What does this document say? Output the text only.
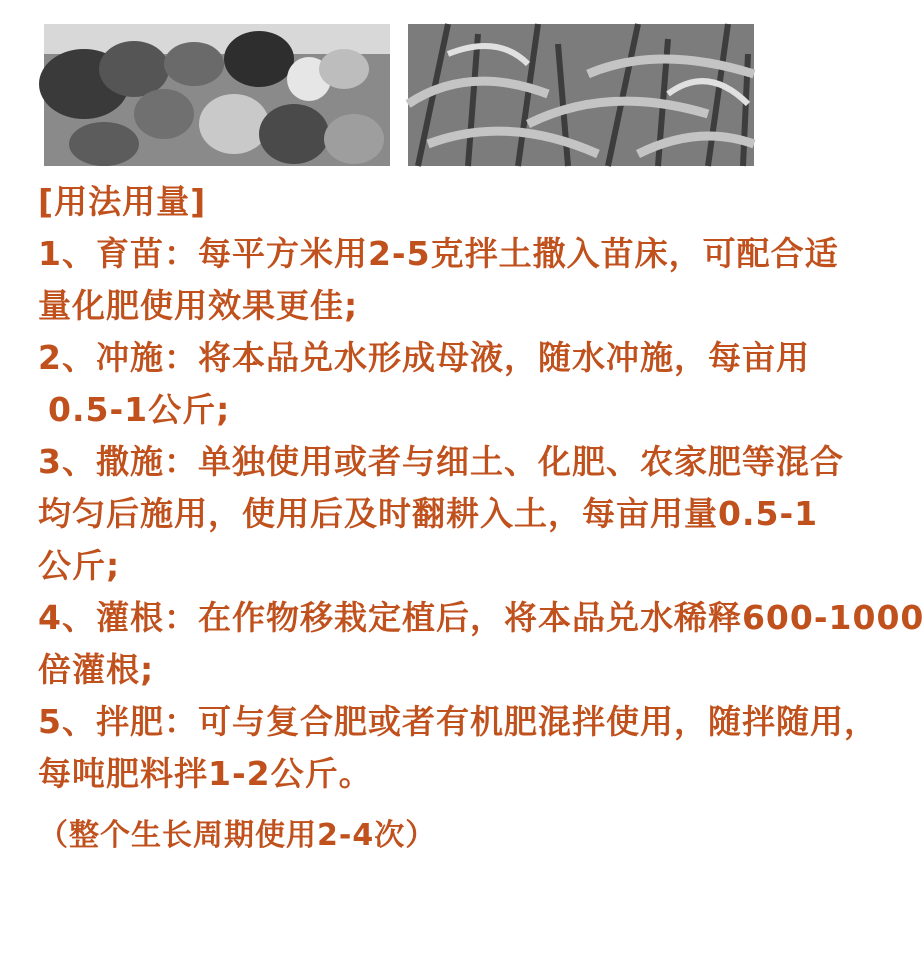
[用法用量]
1、育苗：每平方米用2-5克拌土撒入苗床，可配合适
量化肥使用效果更佳;
2、冲施：将本品兑水形成母液，随水冲施，每亩用
0.5-1公斤;
3、撒施：单独使用或者与细土、化肥、农家肥等混合
均匀后施用，使用后及时翻耕入土，每亩用量0.5-1
公斤;
4、灌根：在作物移栽定植后，将本品兑水稀释600-1000
倍灌根;
5、拌肥：可与复合肥或者有机肥混拌使用，随拌随用，
每吨肥料拌1-2公斤。
（整个生长周期使用2-4次）
